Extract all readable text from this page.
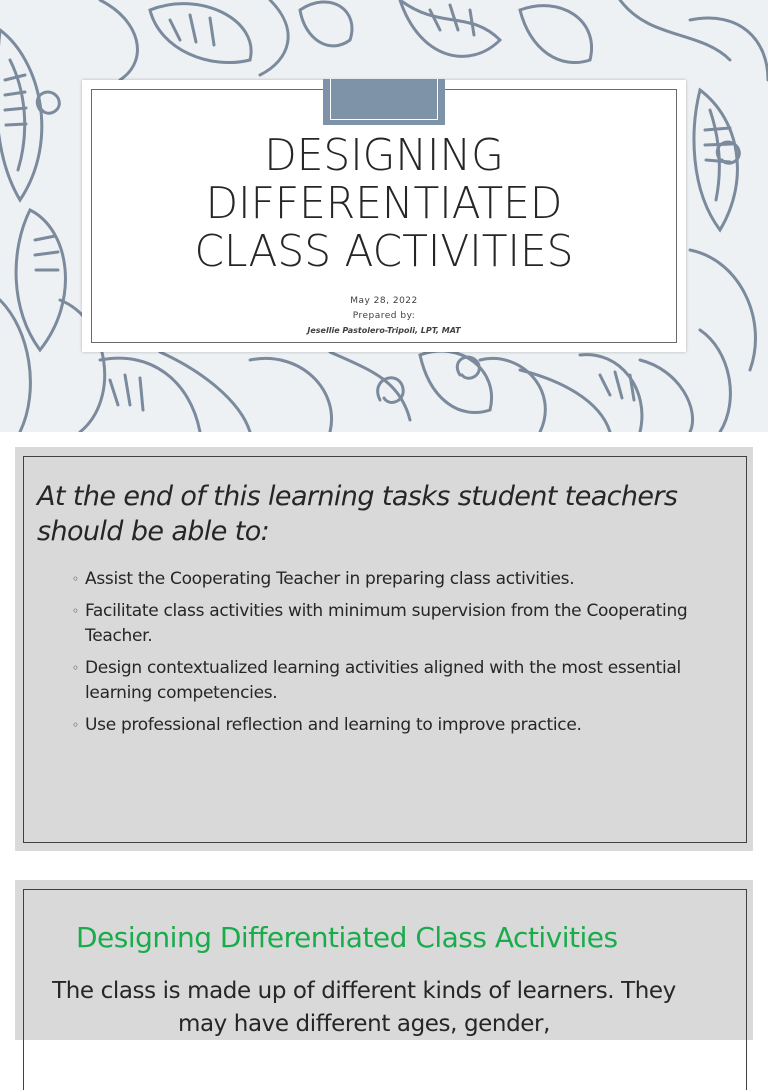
DESIGNING
DIFFERENTIATED
CLASS ACTIVITIES
May 28, 2022
Prepared by:
Jesellie Pastolero-Tripoli, LPT, MAT
At the end of this learning tasks student teachers should be able to:
◦ Assist the Cooperating Teacher in preparing class activities.
◦ Facilitate class activities with minimum supervision from the Cooperating Teacher.
◦ Design contextualized learning activities aligned with the most essential learning competencies.
◦ Use professional reflection and learning to improve practice.
Designing Differentiated Class Activities
The class is made up of different kinds of learners. They may have different ages, gender,
